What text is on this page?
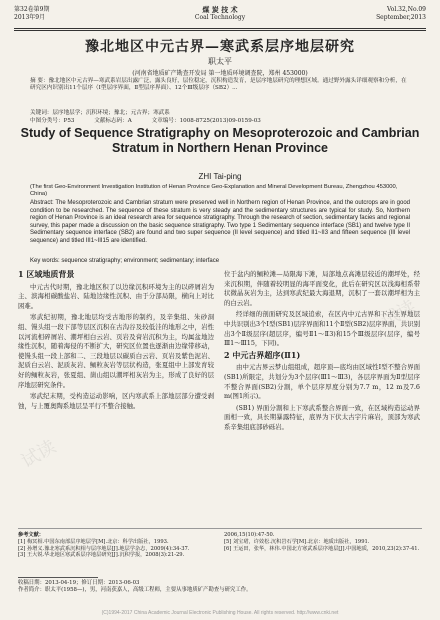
第32卷第9期
2013年9月
煤 炭 技 术
Coal Technology
Vol.32,No.09
September,2013
豫北地区中元古界—寒武系层序地层研究
职太平
(河南省地质矿产勘查开发局 第一地质环境调查院，郑州 453000)
摘 要：豫北地区中元古界—寒武系岩层出露广泛，露头良好，层位稳定，沉积构造发育，是层序地层研究的理想区域。通过野外露头详细观察和分析，在研究区内识别出11个层序（Ⅰ型层序界面，Ⅱ型层序界面）、12个Ⅲ级层序（SB2）...
关键词：层序地层学；沉积环境；豫北；元古界；寒武系
中图分类号：P53	文献标志码：A	文章编号：1008-8725(2013)09-0159-03
Study of Sequence Stratigraphy on Mesoproterozoic and Cambrian Stratum in Northern Henan Province
ZHI Tai-ping
(The first Geo-Environment Investigation Institution of Henan Province Geo-Explanation and Mineral Development Bureau, Zhengzhou 453000, China)
Abstract: The Mesoproterozoic and Cambrian stratum were preserved well in Northern region of Henan Province, and the outcrops are in good condition to be researched. The sequence of these stratum is very steady and the sedimentary structures are typical for study. So, Northern region of Henan Province is an ideal research area for sequence stratigraphy. Through the research of section, sedimentary facies and regional survey, this paper made a discussion on the basic sequence stratigraphy. Two type 1 Sedimentary sequence interface (SB1) and twelve type II Sedimentary sequence interface (SB2) are found and two super sequence (II level sequence) and titled II1~II3 and fifteen sequence (III level sequence) and titled III1~III15 are identified.
Key words: sequence stratigraphy; environment; sedimentary; interface
1 区域地质背景

中元古代时期，豫北地区积了以边缘沉积环境为主的以碎屑岩为主、滨海相碳酸盐岩、陆地边缘性沉积、由于分部局限，横向上对比困难。

寒武纪初期，豫北地层均受古地形的制约，及辛集组、朱砂洞组、馒头组一段下部等层区沉积在古沟谷及较低洼的地形之中，岩性以河流相碎屑岩、潮坪相白云岩、页岩及膏岩沉积为主，均属盆地边缘性沉积，随着海侵的不断扩大，研究区位置也逐渐由边缘带移动，使馒头组一段上部和二、三段地层以碳质白云岩、页岩及紫色泥岩、泥质白云岩、泥质灰岩、鲕粒灰岩等层状构造，张夏组中上部发育较好的鲕粒灰岩，张夏组、崮山组以潮坪相灰岩为主，形成了良好的层序地层研究条件。

寒武纪末期，受构造运动影响，区内寒武系上部地层部分遭受剥蚀，与上覆奥陶系地层呈平行不整合接触。

位于盆内的鲕粒滩—局限海下滩，局部地点高滩层较近的潮坪处，经来沉积期，伴随着较明显的海平面变化，此后在研究区以浅海相系带状微晶灰岩为主，达到寒武纪最大海退期，沉积了一套以潮坪相为主的白云岩。

经详细的剖面研究及区域追索，在区内中元古界和下古生界地层中共识别出3个Ⅰ型(SB1)层序界面和11个Ⅱ型(SB2)层序界面，共识别出3个Ⅱ级层序(超层序，编号Ⅱ1～Ⅱ3)和15个Ⅲ级层序(层序，编号Ⅲ1～Ⅲ15，下同)。

2 中元古界超序(Ⅱ1)

由中元古界云梦山组组成，超序顶—底均由区域性Ⅰ型不整合界面(SB1)所限定，共划分为3个层序(Ⅲ1～Ⅲ3)，各层序界面为Ⅱ型层序不整合界面(SB2)分割，单个层序厚度分别为7.7 m，12 m及7.6 m(图1所示)。

(SB1) 界面分割和上下寒武系整合界面一致，在区域构造运动界面相一致，具长期暴露特征，底界为下伏太古宇片麻岩，顶部为寒武系辛集组底部砂砾岩。

参考文献：
[1] 梅冥相.中国东南部层序地层学[M].北京：科学出版社，1993.
[2] 孙增义.豫北寒武系沉积相与层序地层[J].地层学杂志，2009(4):34-37.
[3] 王大锐.华北地区寒武系层序地层研究[J].沉积学报，2008(3):21-29.
2006,15(10):47-50.
[5] 刘宝珺，许效松.沉积岩石学[M].北京：地质出版社，1991.
[6] 王运田，张华，林伟.中国北方寒武系层序地层[J].中国地质，2010,23(2):37-41.
收稿日期：2013-04-19；修订日期：2013-06-03
作者简介：职太平(1958—)，男，河南获嘉人，高级工程师，主要从事地质矿产勘查与研究工作。
(C)1994-2017 China Academic Journal Electronic Publishing House. All rights reserved. http://www.cnki.net
试读
试读
